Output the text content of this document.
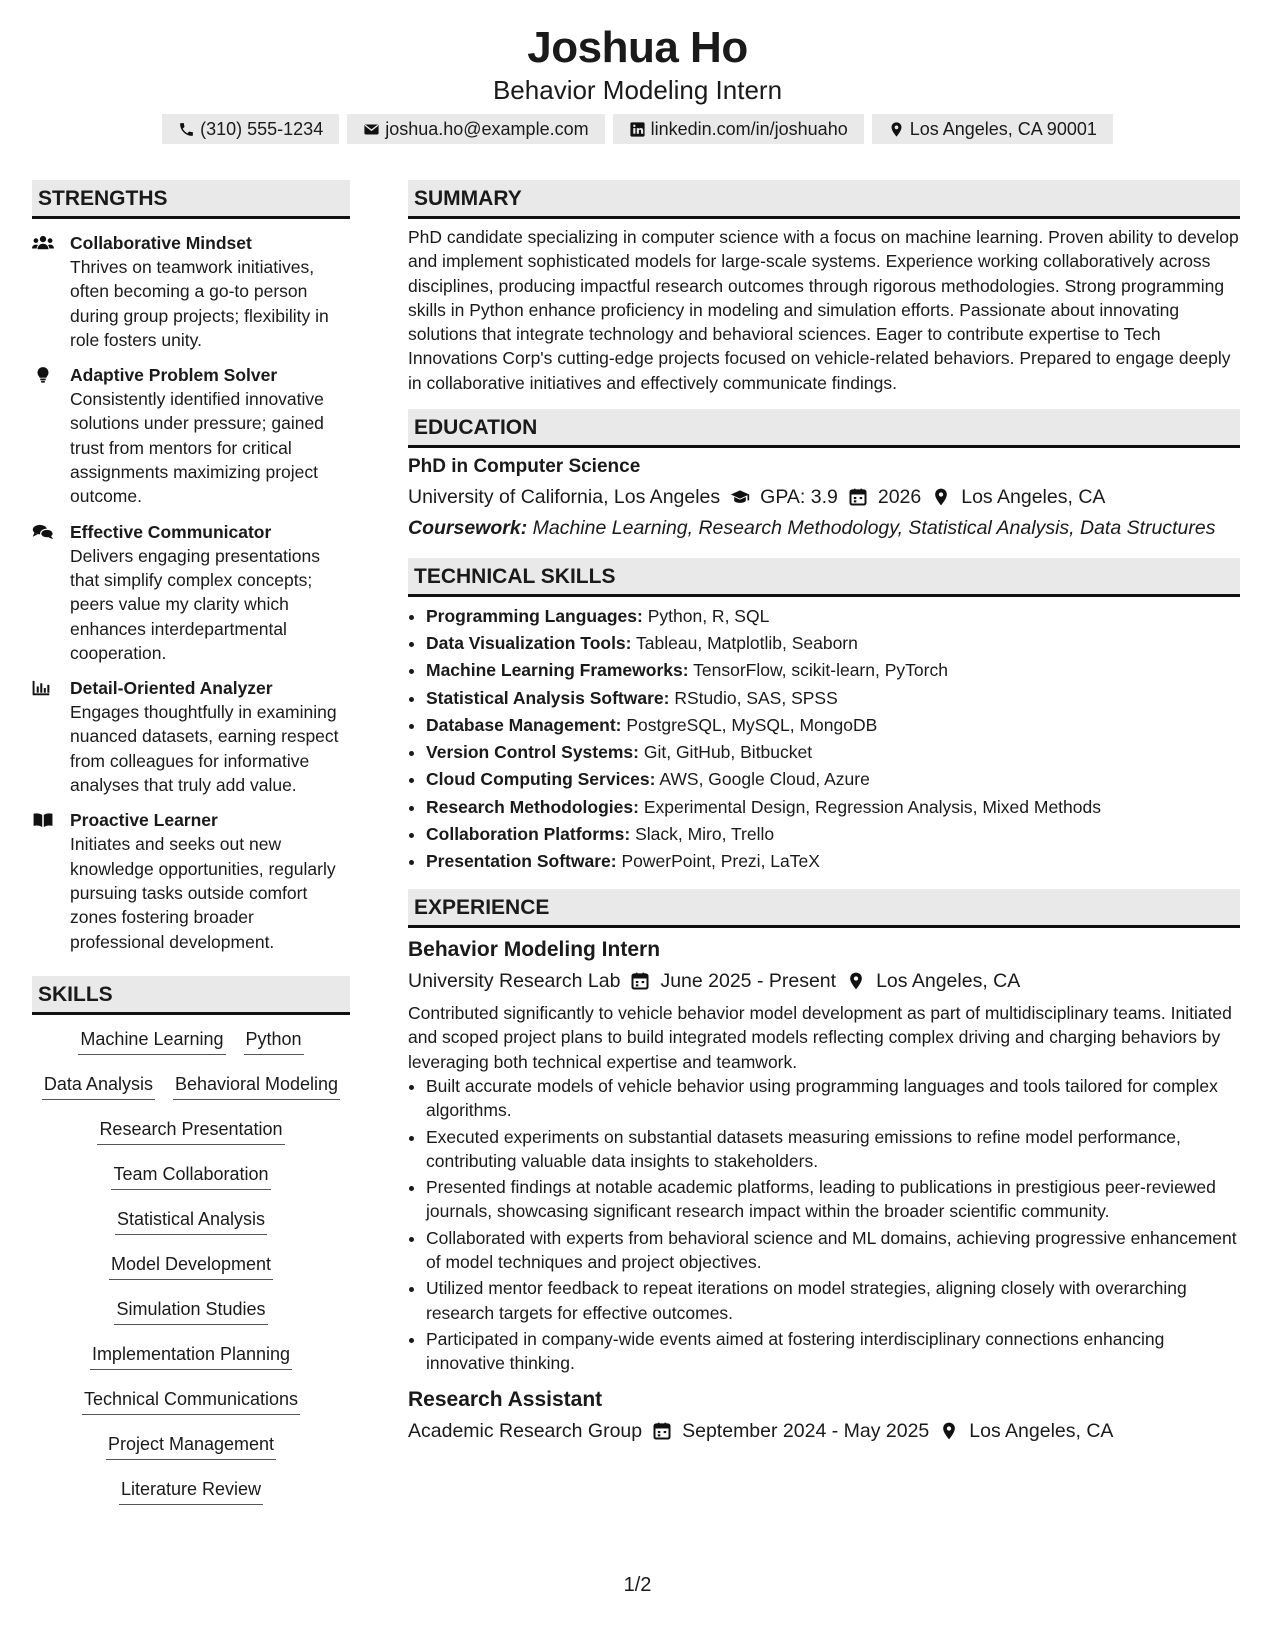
Joshua Ho
Behavior Modeling Intern
(310) 555-1234	joshua.ho@example.com	linkedin.com/in/joshuaho	Los Angeles, CA 90001
STRENGTHS
Collaborative Mindset
Thrives on teamwork initiatives, often becoming a go-to person during group projects; flexibility in role fosters unity.
Adaptive Problem Solver
Consistently identified innovative solutions under pressure; gained trust from mentors for critical assignments maximizing project outcome.
Effective Communicator
Delivers engaging presentations that simplify complex concepts; peers value my clarity which enhances interdepartmental cooperation.
Detail-Oriented Analyzer
Engages thoughtfully in examining nuanced datasets, earning respect from colleagues for informative analyses that truly add value.
Proactive Learner
Initiates and seeks out new knowledge opportunities, regularly pursuing tasks outside comfort zones fostering broader professional development.
SKILLS
Machine Learning Python
Data Analysis Behavioral Modeling
Research Presentation
Team Collaboration
Statistical Analysis
Model Development
Simulation Studies
Implementation Planning
Technical Communications
Project Management
Literature Review
SUMMARY
PhD candidate specializing in computer science with a focus on machine learning. Proven ability to develop and implement sophisticated models for large-scale systems. Experience working collaboratively across disciplines, producing impactful research outcomes through rigorous methodologies. Strong programming skills in Python enhance proficiency in modeling and simulation efforts. Passionate about innovating solutions that integrate technology and behavioral sciences. Eager to contribute expertise to Tech Innovations Corp's cutting-edge projects focused on vehicle-related behaviors. Prepared to engage deeply in collaborative initiatives and effectively communicate findings.
EDUCATION
PhD in Computer Science
University of California, Los Angeles GPA: 3.9 2026 Los Angeles, CA
Coursework: Machine Learning, Research Methodology, Statistical Analysis, Data Structures
TECHNICAL SKILLS
• Programming Languages: Python, R, SQL
• Data Visualization Tools: Tableau, Matplotlib, Seaborn
• Machine Learning Frameworks: TensorFlow, scikit-learn, PyTorch
• Statistical Analysis Software: RStudio, SAS, SPSS
• Database Management: PostgreSQL, MySQL, MongoDB
• Version Control Systems: Git, GitHub, Bitbucket
• Cloud Computing Services: AWS, Google Cloud, Azure
• Research Methodologies: Experimental Design, Regression Analysis, Mixed Methods
• Collaboration Platforms: Slack, Miro, Trello
• Presentation Software: PowerPoint, Prezi, LaTeX
EXPERIENCE
Behavior Modeling Intern
University Research Lab June 2025 - Present Los Angeles, CA
Contributed significantly to vehicle behavior model development as part of multidisciplinary teams. Initiated and scoped project plans to build integrated models reflecting complex driving and charging behaviors by leveraging both technical expertise and teamwork.
• Built accurate models of vehicle behavior using programming languages and tools tailored for complex algorithms.
• Executed experiments on substantial datasets measuring emissions to refine model performance, contributing valuable data insights to stakeholders.
• Presented findings at notable academic platforms, leading to publications in prestigious peer-reviewed journals, showcasing significant research impact within the broader scientific community.
• Collaborated with experts from behavioral science and ML domains, achieving progressive enhancement of model techniques and project objectives.
• Utilized mentor feedback to repeat iterations on model strategies, aligning closely with overarching research targets for effective outcomes.
• Participated in company-wide events aimed at fostering interdisciplinary connections enhancing innovative thinking.
Research Assistant
Academic Research Group September 2024 - May 2025 Los Angeles, CA
1/2
